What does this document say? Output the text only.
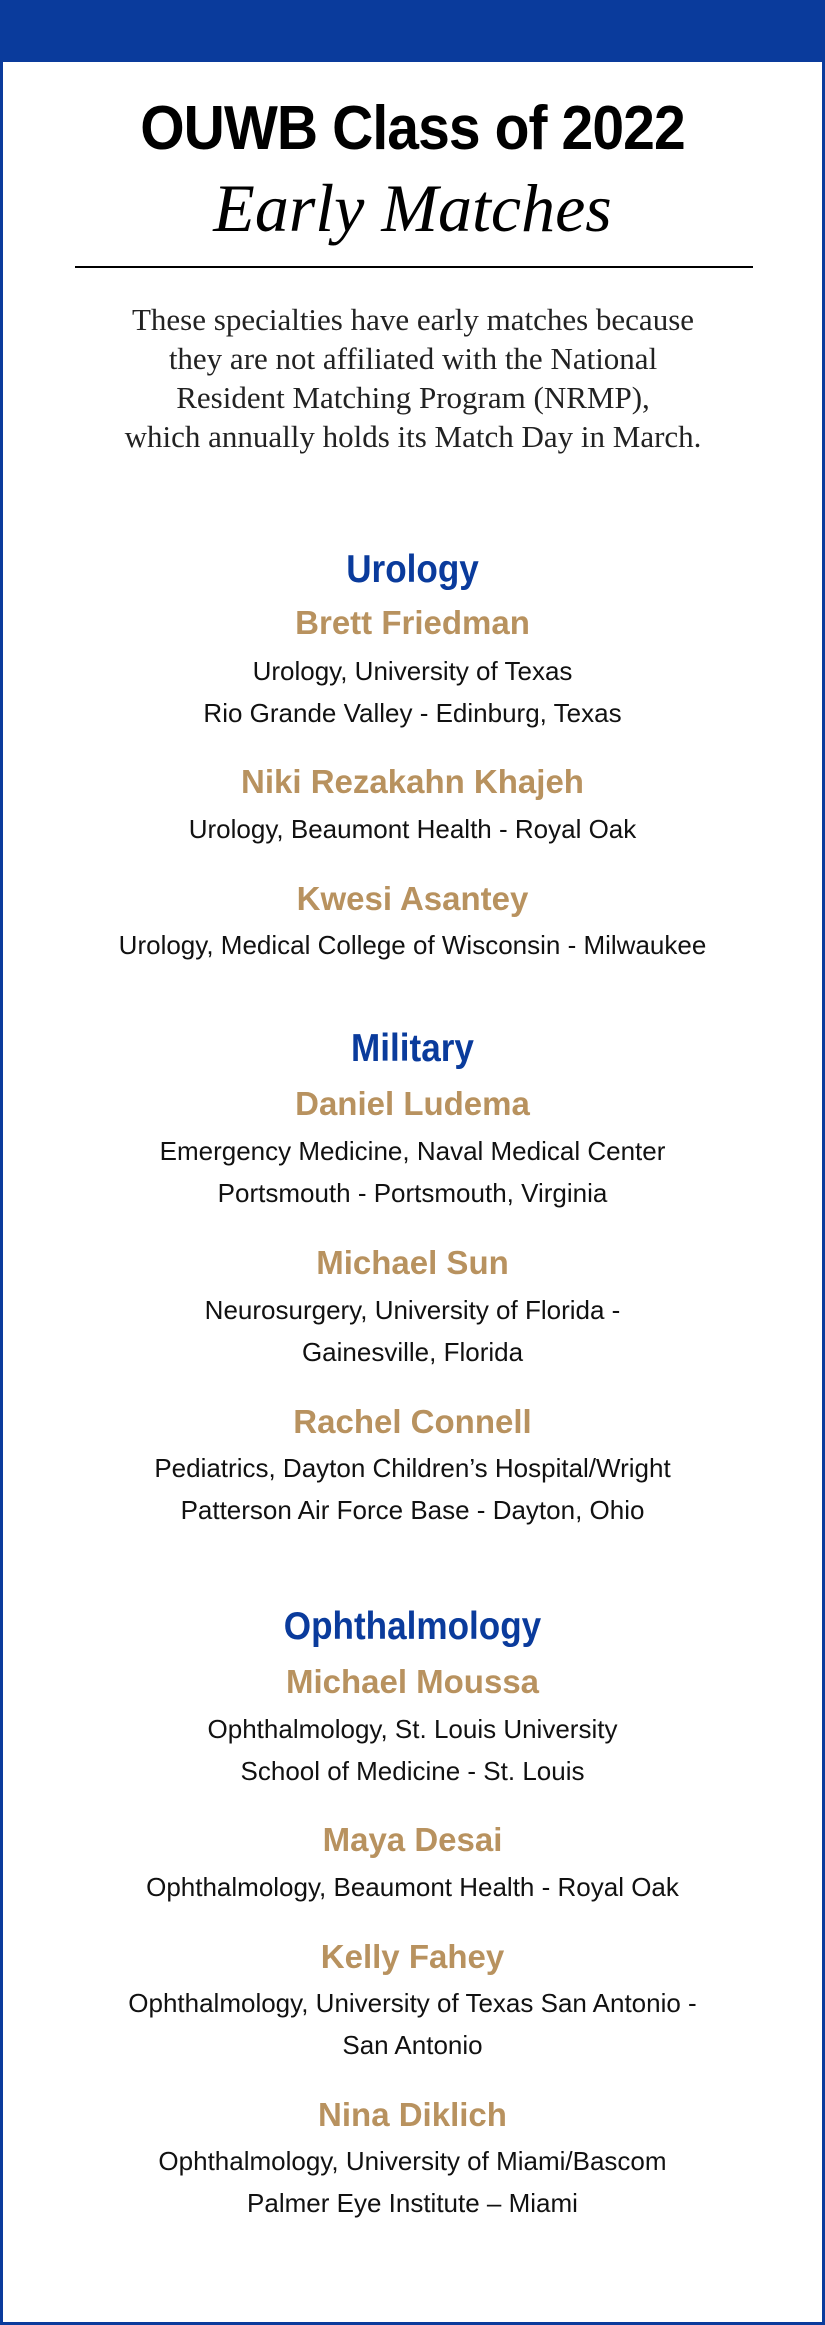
OUWB Class of 2022
Early Matches
These specialties have early matches because
they are not affiliated with the National
Resident Matching Program (NRMP),
which annually holds its Match Day in March.
Urology
Brett Friedman
Urology, University of Texas
Rio Grande Valley - Edinburg, Texas
Niki Rezakahn Khajeh
Urology, Beaumont Health - Royal Oak
Kwesi Asantey
Urology, Medical College of Wisconsin - Milwaukee
Military
Daniel Ludema
Emergency Medicine, Naval Medical Center
Portsmouth - Portsmouth, Virginia
Michael Sun
Neurosurgery, University of Florida -
Gainesville, Florida
Rachel Connell
Pediatrics, Dayton Children’s Hospital/Wright
Patterson Air Force Base - Dayton, Ohio
Ophthalmology
Michael Moussa
Ophthalmology, St. Louis University
School of Medicine - St. Louis
Maya Desai
Ophthalmology, Beaumont Health - Royal Oak
Kelly Fahey
Ophthalmology, University of Texas San Antonio -
San Antonio
Nina Diklich
Ophthalmology, University of Miami/Bascom
Palmer Eye Institute – Miami
